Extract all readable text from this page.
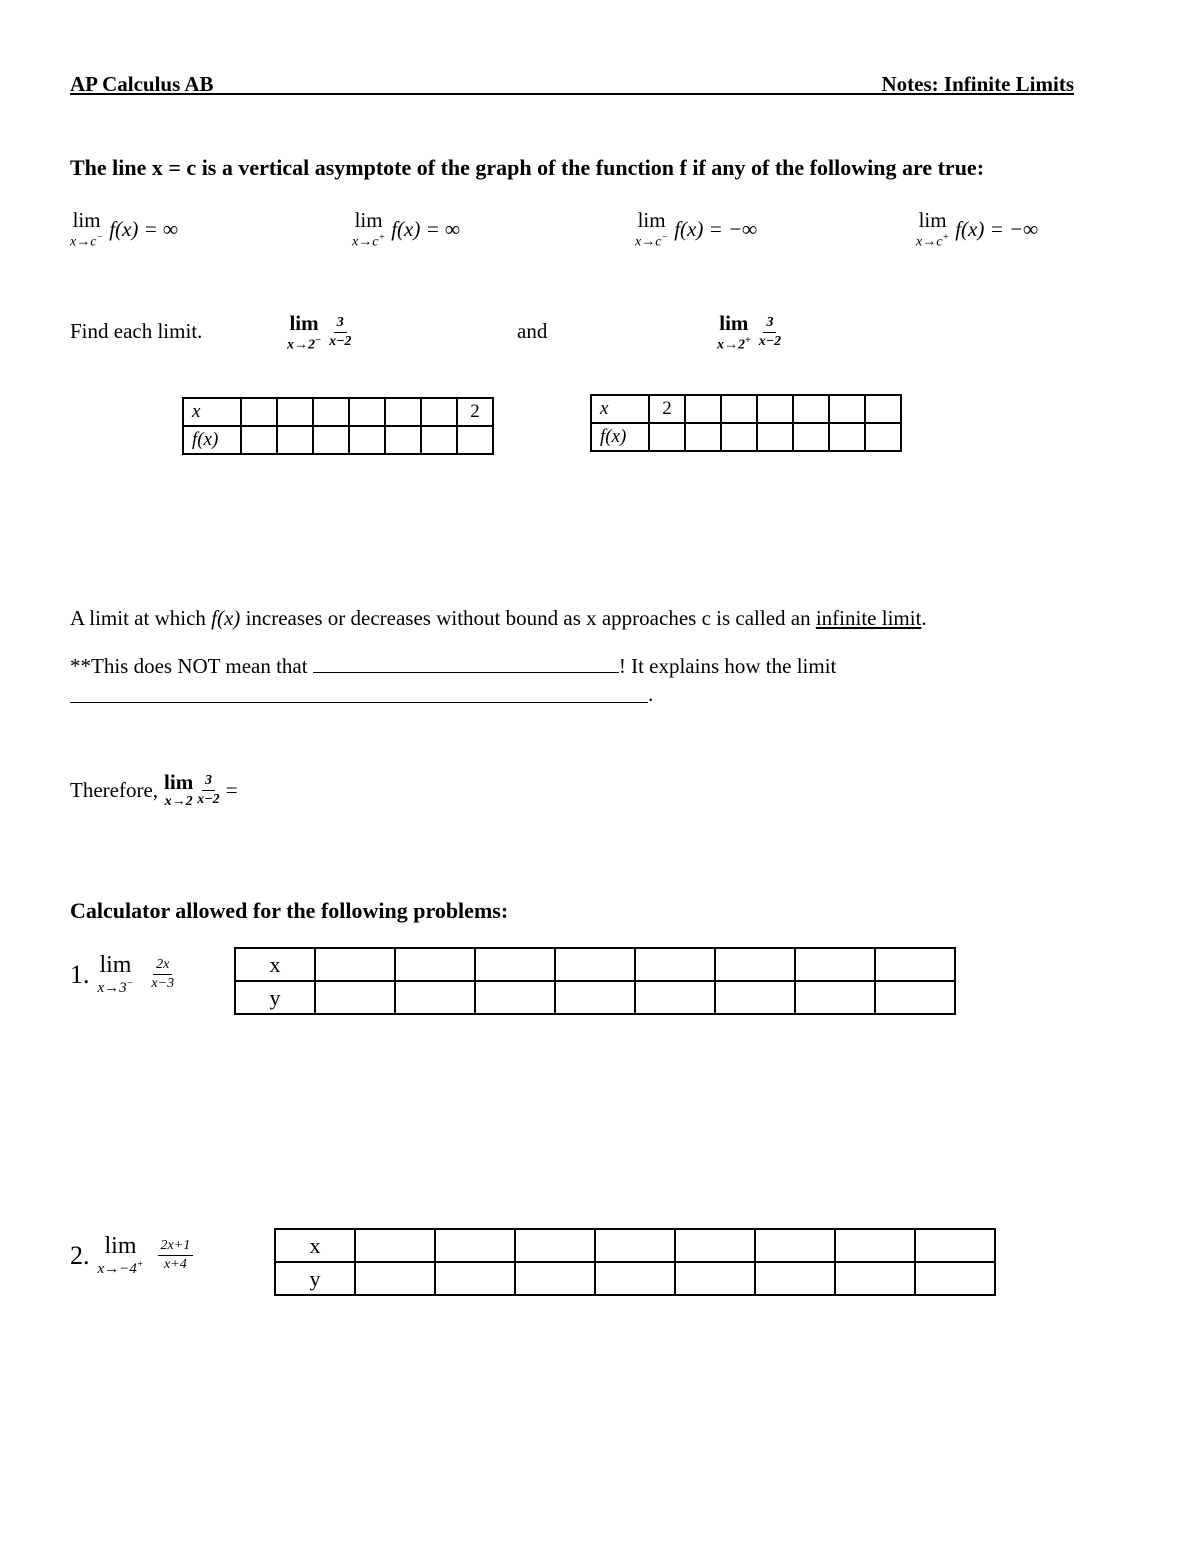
AP Calculus AB	Notes: Infinite Limits
The line x = c is a vertical asymptote of the graph of the function f if any of the following are true:
lim
x→c− f(x) = ∞	lim
x→c+ f(x) = ∞	lim
x→c− f(x) = −∞	lim
x→c+ f(x) = −∞
Find each limit.	lim
$x\to 2^- \frac{3}{x-2}$	and	lim
$x\to 2^+ \frac{3}{x-2}$
x							2
f(x)							
x	2						
f(x)							
A limit at which f(x) increases or decreases without bound as x approaches c is called an infinite limit.
**This does NOT mean that	! It explains how the limit
.
Therefore, lim
$x\to 2 \frac{3}{x-2}$ =
Calculator allowed for the following problems:
1. lim
$x\to 3^- \frac{2x}{x-3}$	x								
y								
2. lim
$x\to-4^+ \frac{2x+1}{x+4}$	x								
y								
